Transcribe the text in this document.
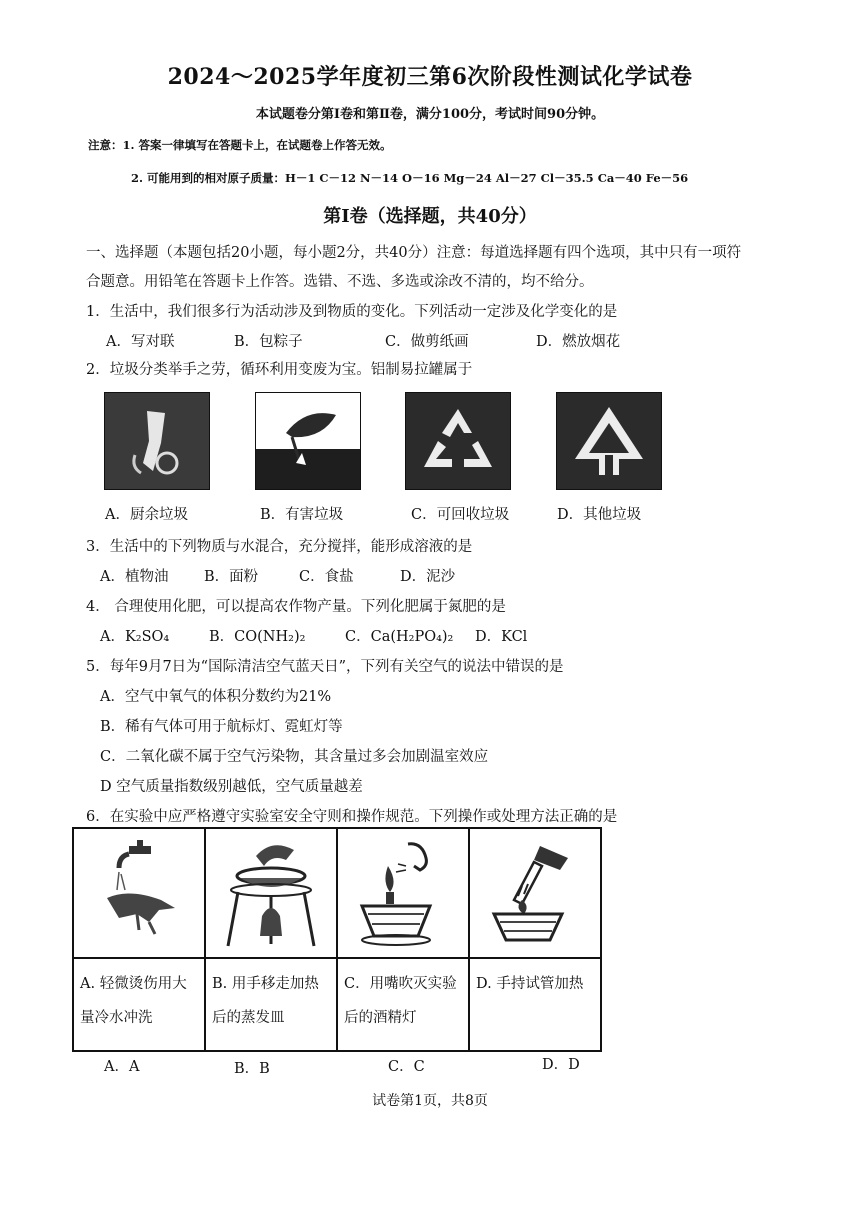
2024～2025学年度初三第6次阶段性测试化学试卷
本试题卷分第Ⅰ卷和第Ⅱ卷，满分100分，考试时间90分钟。
注意：1. 答案一律填写在答题卡上，在试题卷上作答无效。
2. 可能用到的相对原子质量：H－1 C－12 N－14 O－16 Mg－24 Al－27 Cl－35.5 Ca－40 Fe－56
第Ⅰ卷（选择题，共40分）
一、选择题（本题包括20小题，每小题2分，共40分）注意：每道选择题有四个选项，其中只有一项符
合题意。用铅笔在答题卡上作答。选错、不选、多选或涂改不清的，均不给分。
1．生活中，我们很多行为活动涉及到物质的变化。下列活动一定涉及化学变化的是
A．写对联	B．包粽子	C．做剪纸画	D．燃放烟花
2．垃圾分类举手之劳，循环利用变废为宝。铝制易拉罐属于
A．厨余垃圾	B．有害垃圾	C．可回收垃圾	D．其他垃圾
3．生活中的下列物质与水混合，充分搅拌，能形成溶液的是
A．植物油 B．面粉	C．食盐	D．泥沙
4． 合理使用化肥，可以提高农作物产量。下列化肥属于氮肥的是
A．K₂SO₄	B．CO(NH₂)₂	C．Ca(H₂PO₄)₂ D．KCl
5．每年9月7日为“国际清洁空气蓝天日”，下列有关空气的说法中错误的是
A．空气中氧气的体积分数约为21%
B．稀有气体可用于航标灯、霓虹灯等
C．二氧化碳不属于空气污染物，其含量过多会加剧温室效应
D 空气质量指数级别越低，空气质量越差
6．在实验中应严格遵守实验室安全守则和操作规范。下列操作或处理方法正确的是

A. 轻微烫伤用大量冷水冲洗	B. 用手移走加热后的蒸发皿	C．用嘴吹灭实验后的酒精灯	D. 手持试管加热
A．A	B．B	C．C	D．D
试卷第1页，共8页
